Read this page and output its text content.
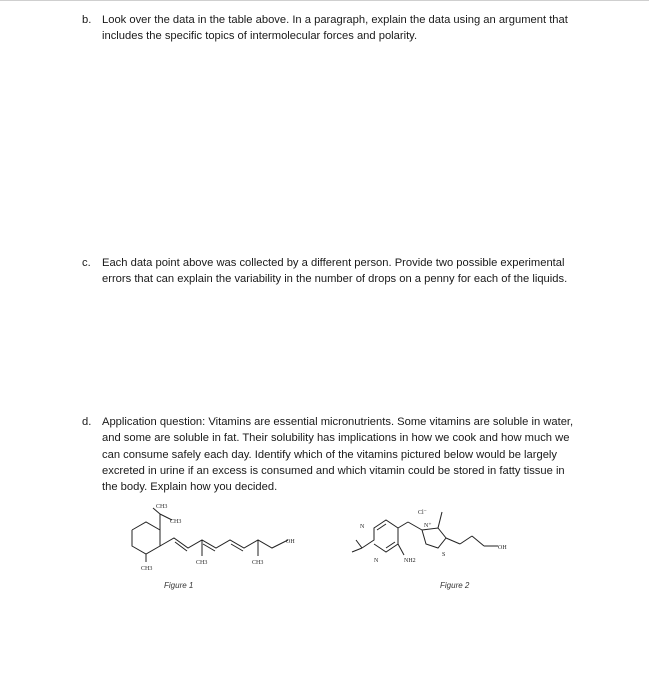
b. Look over the data in the table above. In a paragraph, explain the data using an argument that includes the specific topics of intermolecular forces and polarity.
c. Each data point above was collected by a different person. Provide two possible experimental errors that can explain the variability in the number of drops on a penny for each of the liquids.
d. Application question: Vitamins are essential micronutrients. Some vitamins are soluble in water, and some are soluble in fat. Their solubility has implications in how we cook and how much we can consume safely each day. Identify which of the vitamins pictured below would be largely excreted in urine if an excess is consumed and which vitamin could be stored in fatty tissue in the body. Explain how you decided.
CH3
CH3
OH
CH3
CH3	CH3
Figure 1
Cl⁻
N⁺
N
N	NH2
S
OH
Figure 2
